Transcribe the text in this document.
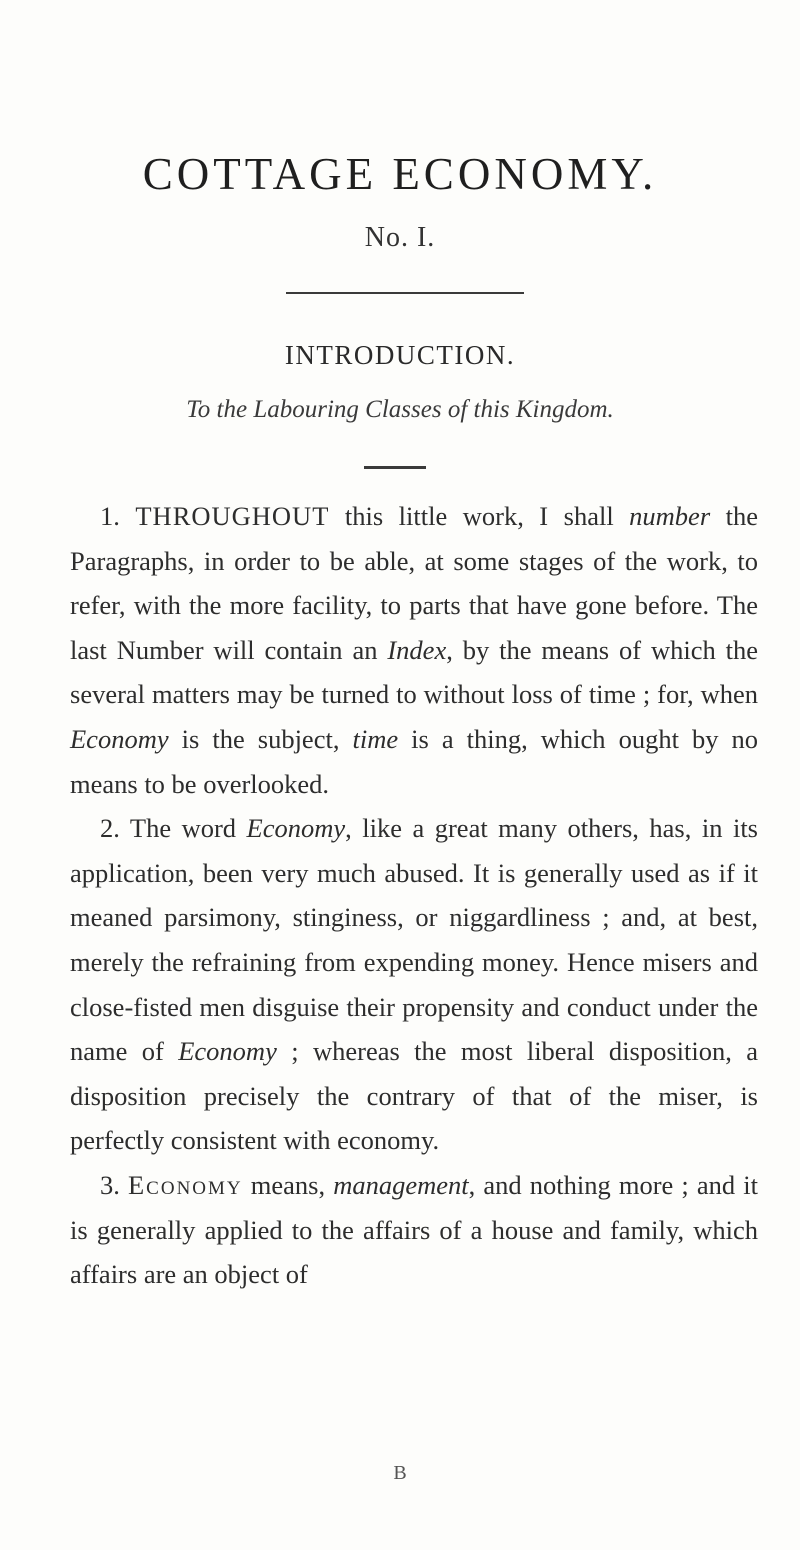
COTTAGE ECONOMY.
No. I.
INTRODUCTION.
To the Labouring Classes of this Kingdom.

1. THROUGHOUT this little work, I shall number the Paragraphs, in order to be able, at some stages of the work, to refer, with the more facility, to parts that have gone before. The last Number will contain an Index, by the means of which the several matters may be turned to without loss of time ; for, when Economy is the subject, time is a thing, which ought by no means to be overlooked.

2. The word Economy, like a great many others, has, in its application, been very much abused. It is generally used as if it meaned parsimony, stinginess, or niggardliness ; and, at best, merely the refraining from expending money. Hence misers and close-fisted men disguise their propensity and conduct under the name of Economy ; whereas the most liberal disposition, a disposition precisely the contrary of that of the miser, is perfectly consistent with economy.

3. Economy means, management, and nothing more ; and it is generally applied to the affairs of a house and family, which affairs are an object of

B
